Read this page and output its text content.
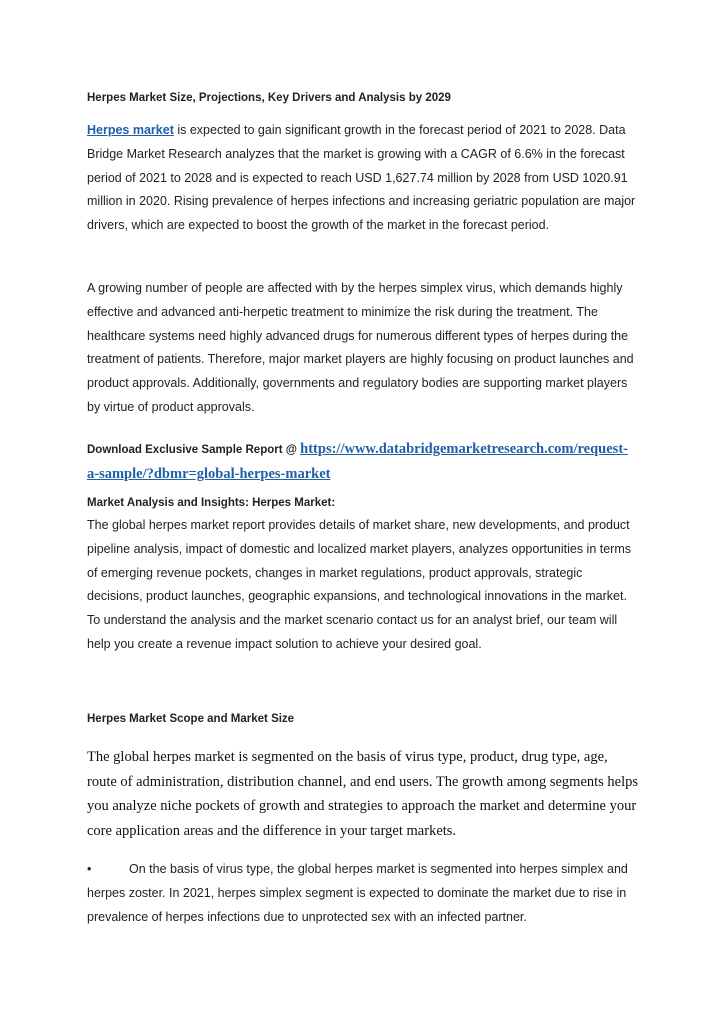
Herpes Market Size, Projections, Key Drivers and Analysis by 2029

Herpes market is expected to gain significant growth in the forecast period of 2021 to 2028. Data Bridge Market Research analyzes that the market is growing with a CAGR of 6.6% in the forecast period of 2021 to 2028 and is expected to reach USD 1,627.74 million by 2028 from USD 1020.91 million in 2020. Rising prevalence of herpes infections and increasing geriatric population are major drivers, which are expected to boost the growth of the market in the forecast period.

A growing number of people are affected with by the herpes simplex virus, which demands highly effective and advanced anti-herpetic treatment to minimize the risk during the treatment. The healthcare systems need highly advanced drugs for numerous different types of herpes during the treatment of patients. Therefore, major market players are highly focusing on product launches and product approvals. Additionally, governments and regulatory bodies are supporting market players by virtue of product approvals.

Download Exclusive Sample Report @ https://www.databridgemarketresearch.com/request-a-sample/?dbmr=global-herpes-market

Market Analysis and Insights: Herpes Market:

The global herpes market report provides details of market share, new developments, and product pipeline analysis, impact of domestic and localized market players, analyzes opportunities in terms of emerging revenue pockets, changes in market regulations, product approvals, strategic decisions, product launches, geographic expansions, and technological innovations in the market. To understand the analysis and the market scenario contact us for an analyst brief, our team will help you create a revenue impact solution to achieve your desired goal.

Herpes Market Scope and Market Size

The global herpes market is segmented on the basis of virus type, product, drug type, age, route of administration, distribution channel, and end users. The growth among segments helps you analyze niche pockets of growth and strategies to approach the market and determine your core application areas and the difference in your target markets.

•	On the basis of virus type, the global herpes market is segmented into herpes simplex and herpes zoster. In 2021, herpes simplex segment is expected to dominate the market due to rise in prevalence of herpes infections due to unprotected sex with an infected partner.
